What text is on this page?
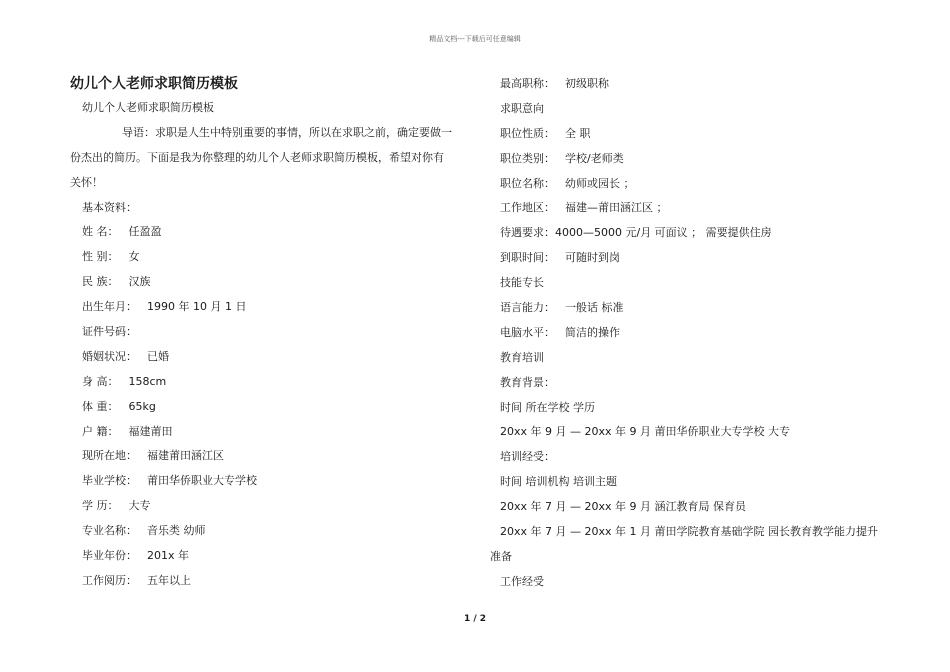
精品文档---下载后可任意编辑
幼儿个人老师求职简历模板
幼儿个人老师求职简历模板
导语：求职是人生中特别重要的事情，所以在求职之前，确定要做一
份杰出的简历。下面是我为你整理的幼儿个人老师求职简历模板，希望对你有
关怀！
基本资料：
姓 名： 任盈盈
性 别： 女
民 族： 汉族
出生年月： 1990 年 10 月 1 日
证件号码：
婚姻状况： 已婚
身 高： 158cm
体 重： 65kg
户 籍： 福建莆田
现所在地： 福建莆田涵江区
毕业学校： 莆田华侨职业大专学校
学 历： 大专
专业名称： 音乐类 幼师
毕业年份： 201x 年
工作阅历： 五年以上
最高职称： 初级职称
求职意向
职位性质： 全 职
职位类别： 学校/老师类
职位名称： 幼师或园长 ；
工作地区： 福建—莆田涵江区 ；
待遇要求：4000—5000 元/月 可面议 ； 需要提供住房
到职时间： 可随时到岗
技能专长
语言能力： 一般话 标准
电脑水平： 简洁的操作
教育培训
教育背景：
时间 所在学校 学历
20xx 年 9 月 — 20xx 年 9 月 莆田华侨职业大专学校 大专
培训经受：
时间 培训机构 培训主题
20xx 年 7 月 — 20xx 年 9 月 涵江教育局 保育员
20xx 年 7 月 — 20xx 年 1 月 莆田学院教育基础学院 园长教育教学能力提升
准备
工作经受
1 / 2
